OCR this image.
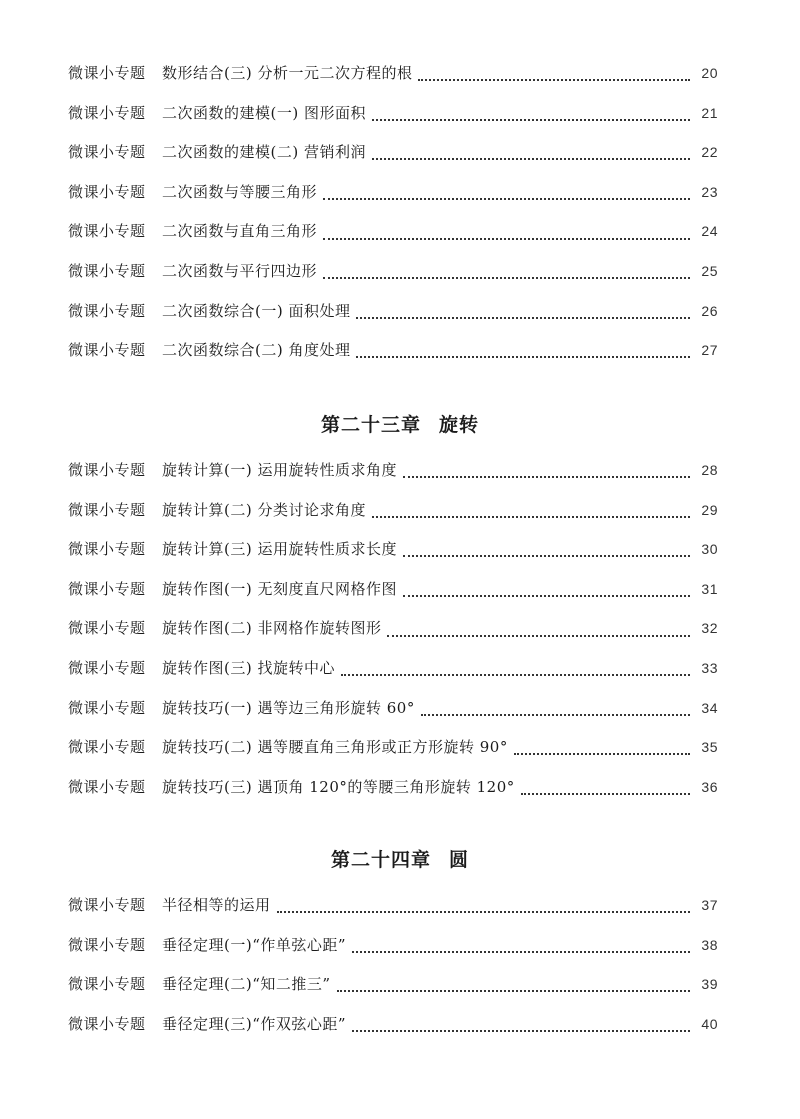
微课小专题	数形结合(三) 分析一元二次方程的根	20
微课小专题	二次函数的建模(一) 图形面积	21
微课小专题	二次函数的建模(二) 营销利润	22
微课小专题	二次函数与等腰三角形	23
微课小专题	二次函数与直角三角形	24
微课小专题	二次函数与平行四边形	25
微课小专题	二次函数综合(一) 面积处理	26
微课小专题	二次函数综合(二) 角度处理	27
第二十三章 旋转
微课小专题	旋转计算(一) 运用旋转性质求角度	28
微课小专题	旋转计算(二) 分类讨论求角度	29
微课小专题	旋转计算(三) 运用旋转性质求长度	30
微课小专题	旋转作图(一) 无刻度直尺网格作图	31
微课小专题	旋转作图(二) 非网格作旋转图形	32
微课小专题	旋转作图(三) 找旋转中心	33
微课小专题	旋转技巧(一) 遇等边三角形旋转 60°	34
微课小专题	旋转技巧(二) 遇等腰直角三角形或正方形旋转 90°	35
微课小专题	旋转技巧(三) 遇顶角 120°的等腰三角形旋转 120°	36
第二十四章 圆
微课小专题	半径相等的运用	37
微课小专题	垂径定理(一)“作单弦心距”	38
微课小专题	垂径定理(二)“知二推三”	39
微课小专题	垂径定理(三)“作双弦心距”	40
